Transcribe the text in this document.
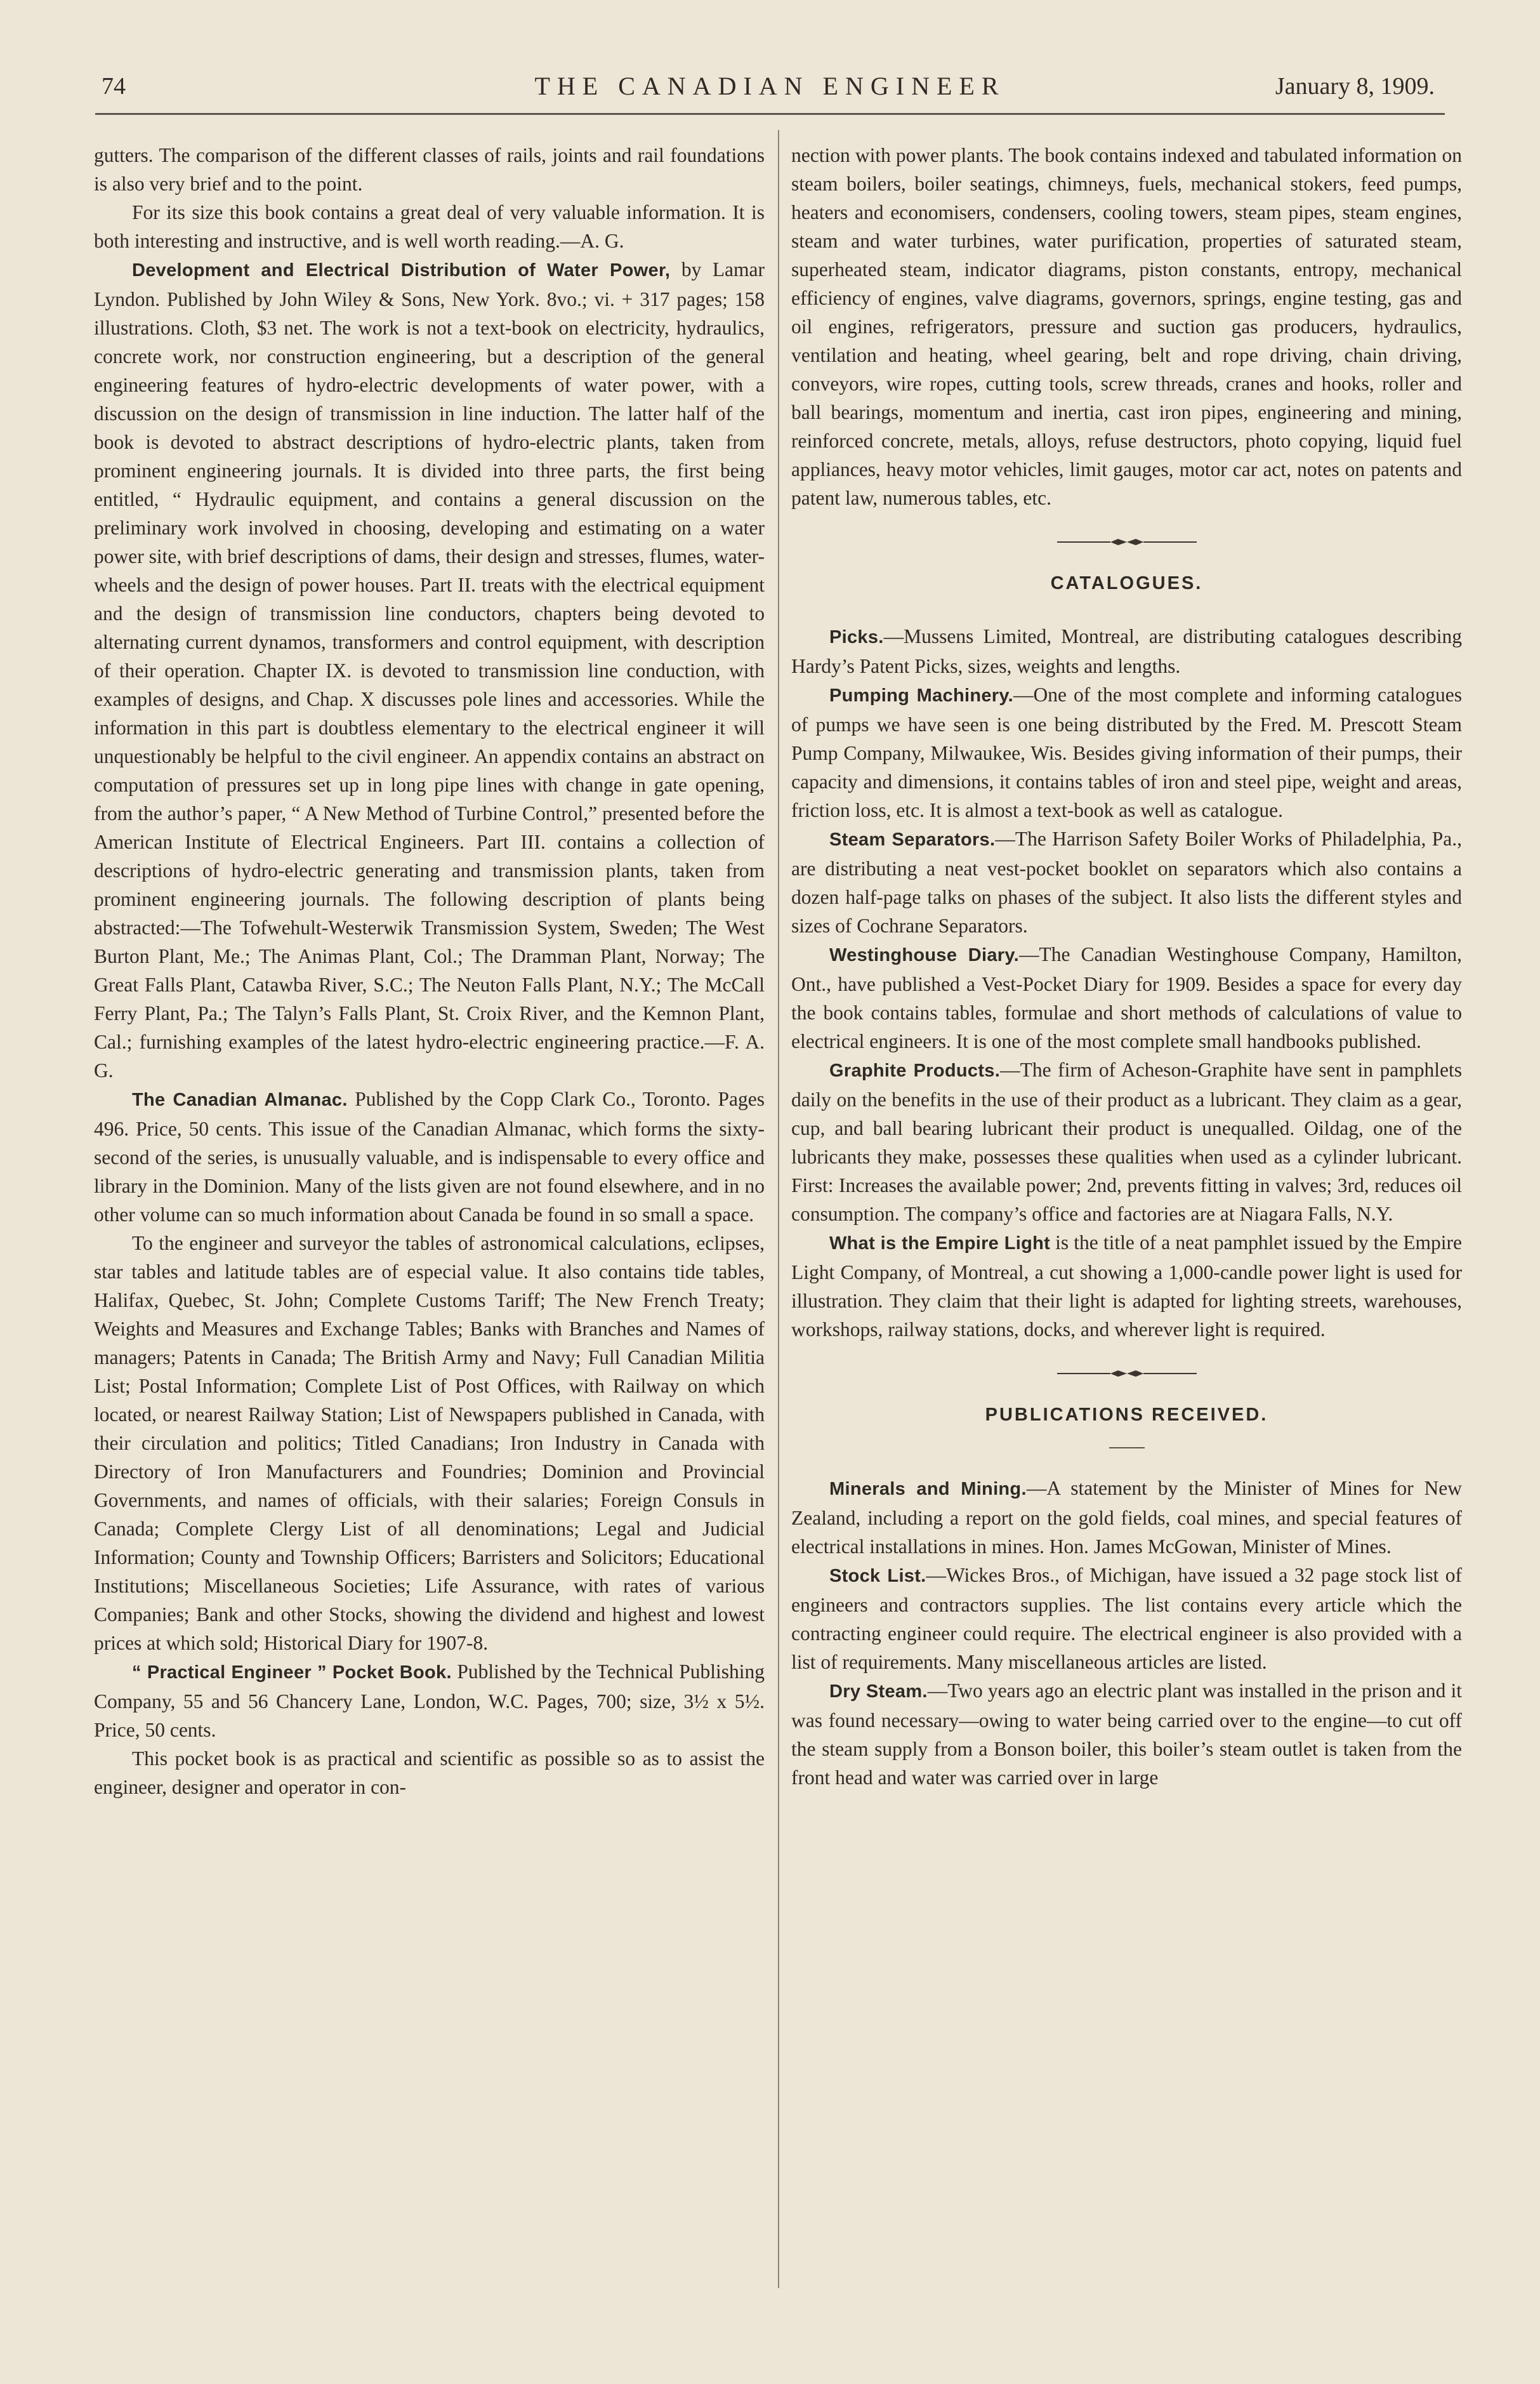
74	THE CANADIAN ENGINEER	January 8, 1909.

gutters. The comparison of the different classes of rails, joints and rail foundations is also very brief and to the point.

For its size this book contains a great deal of very valuable information. It is both interesting and instructive, and is well worth reading.—A. G.

Development and Electrical Distribution of Water Power, by Lamar Lyndon. Published by John Wiley & Sons, New York. 8vo.; vi. + 317 pages; 158 illustrations. Cloth, $3 net. The work is not a text-book on electricity, hydraulics, concrete work, nor construction engineering, but a description of the general engineering features of hydro-electric developments of water power, with a discussion on the design of transmission in line induction. The latter half of the book is devoted to abstract descriptions of hydro-electric plants, taken from prominent engineering journals. It is divided into three parts, the first being entitled, “ Hydraulic equipment, and contains a general discussion on the preliminary work involved in choosing, developing and estimating on a water power site, with brief descriptions of dams, their design and stresses, flumes, water-wheels and the design of power houses. Part II. treats with the electrical equipment and the design of transmission line conductors, chapters being devoted to alternating current dynamos, transformers and control equipment, with description of their operation. Chapter IX. is devoted to transmission line conduction, with examples of designs, and Chap. X discusses pole lines and accessories. While the information in this part is doubtless elementary to the electrical engineer it will unquestionably be helpful to the civil engineer. An appendix contains an abstract on computation of pressures set up in long pipe lines with change in gate opening, from the author’s paper, “ A New Method of Turbine Control,” presented before the American Institute of Electrical Engineers. Part III. contains a collection of descriptions of hydro-electric generating and transmission plants, taken from prominent engineering journals. The following description of plants being abstracted:—The Tofwehult-Westerwik Transmission System, Sweden; The West Burton Plant, Me.; The Animas Plant, Col.; The Dramman Plant, Norway; The Great Falls Plant, Catawba River, S.C.; The Neuton Falls Plant, N.Y.; The McCall Ferry Plant, Pa.; The Talyn’s Falls Plant, St. Croix River, and the Kemnon Plant, Cal.; furnishing examples of the latest hydro-electric engineering practice.—F. A. G.

The Canadian Almanac. Published by the Copp Clark Co., Toronto. Pages 496. Price, 50 cents. This issue of the Canadian Almanac, which forms the sixty-second of the series, is unusually valuable, and is indispensable to every office and library in the Dominion. Many of the lists given are not found elsewhere, and in no other volume can so much information about Canada be found in so small a space.

To the engineer and surveyor the tables of astronomical calculations, eclipses, star tables and latitude tables are of especial value. It also contains tide tables, Halifax, Quebec, St. John; Complete Customs Tariff; The New French Treaty; Weights and Measures and Exchange Tables; Banks with Branches and Names of managers; Patents in Canada; The British Army and Navy; Full Canadian Militia List; Postal Information; Complete List of Post Offices, with Railway on which located, or nearest Railway Station; List of Newspapers published in Canada, with their circulation and politics; Titled Canadians; Iron Industry in Canada with Directory of Iron Manufacturers and Foundries; Dominion and Provincial Governments, and names of officials, with their salaries; Foreign Consuls in Canada; Complete Clergy List of all denominations; Legal and Judicial Information; County and Township Officers; Barristers and Solicitors; Educational Institutions; Miscellaneous Societies; Life Assurance, with rates of various Companies; Bank and other Stocks, showing the dividend and highest and lowest prices at which sold; Historical Diary for 1907-8.

“ Practical Engineer ” Pocket Book. Published by the Technical Publishing Company, 55 and 56 Chancery Lane, London, W.C. Pages, 700; size, 3½ x 5½. Price, 50 cents.

This pocket book is as practical and scientific as possible so as to assist the engineer, designer and operator in con-

nection with power plants. The book contains indexed and tabulated information on steam boilers, boiler seatings, chimneys, fuels, mechanical stokers, feed pumps, heaters and economisers, condensers, cooling towers, steam pipes, steam engines, steam and water turbines, water purification, properties of saturated steam, superheated steam, indicator diagrams, piston constants, entropy, mechanical efficiency of engines, valve diagrams, governors, springs, engine testing, gas and oil engines, refrigerators, pressure and suction gas producers, hydraulics, ventilation and heating, wheel gearing, belt and rope driving, chain driving, conveyors, wire ropes, cutting tools, screw threads, cranes and hooks, roller and ball bearings, momentum and inertia, cast iron pipes, engineering and mining, reinforced concrete, metals, alloys, refuse destructors, photo copying, liquid fuel appliances, heavy motor vehicles, limit gauges, motor car act, notes on patents and patent law, numerous tables, etc.

CATALOGUES.

Picks.—Mussens Limited, Montreal, are distributing catalogues describing Hardy’s Patent Picks, sizes, weights and lengths.

Pumping Machinery.—One of the most complete and informing catalogues of pumps we have seen is one being distributed by the Fred. M. Prescott Steam Pump Company, Milwaukee, Wis. Besides giving information of their pumps, their capacity and dimensions, it contains tables of iron and steel pipe, weight and areas, friction loss, etc. It is almost a text-book as well as catalogue.

Steam Separators.—The Harrison Safety Boiler Works of Philadelphia, Pa., are distributing a neat vest-pocket booklet on separators which also contains a dozen half-page talks on phases of the subject. It also lists the different styles and sizes of Cochrane Separators.

Westinghouse Diary.—The Canadian Westinghouse Company, Hamilton, Ont., have published a Vest-Pocket Diary for 1909. Besides a space for every day the book contains tables, formulae and short methods of calculations of value to electrical engineers. It is one of the most complete small handbooks published.

Graphite Products.—The firm of Acheson-Graphite have sent in pamphlets daily on the benefits in the use of their product as a lubricant. They claim as a gear, cup, and ball bearing lubricant their product is unequalled. Oildag, one of the lubricants they make, possesses these qualities when used as a cylinder lubricant. First: Increases the available power; 2nd, prevents fitting in valves; 3rd, reduces oil consumption. The company’s office and factories are at Niagara Falls, N.Y.

What is the Empire Light is the title of a neat pamphlet issued by the Empire Light Company, of Montreal, a cut showing a 1,000-candle power light is used for illustration. They claim that their light is adapted for lighting streets, warehouses, workshops, railway stations, docks, and wherever light is required.

PUBLICATIONS RECEIVED.

Minerals and Mining.—A statement by the Minister of Mines for New Zealand, including a report on the gold fields, coal mines, and special features of electrical installations in mines. Hon. James McGowan, Minister of Mines.

Stock List.—Wickes Bros., of Michigan, have issued a 32 page stock list of engineers and contractors supplies. The list contains every article which the contracting engineer could require. The electrical engineer is also provided with a list of requirements. Many miscellaneous articles are listed.

Dry Steam.—Two years ago an electric plant was installed in the prison and it was found necessary—owing to water being carried over to the engine—to cut off the steam supply from a Bonson boiler, this boiler’s steam outlet is taken from the front head and water was carried over in large
